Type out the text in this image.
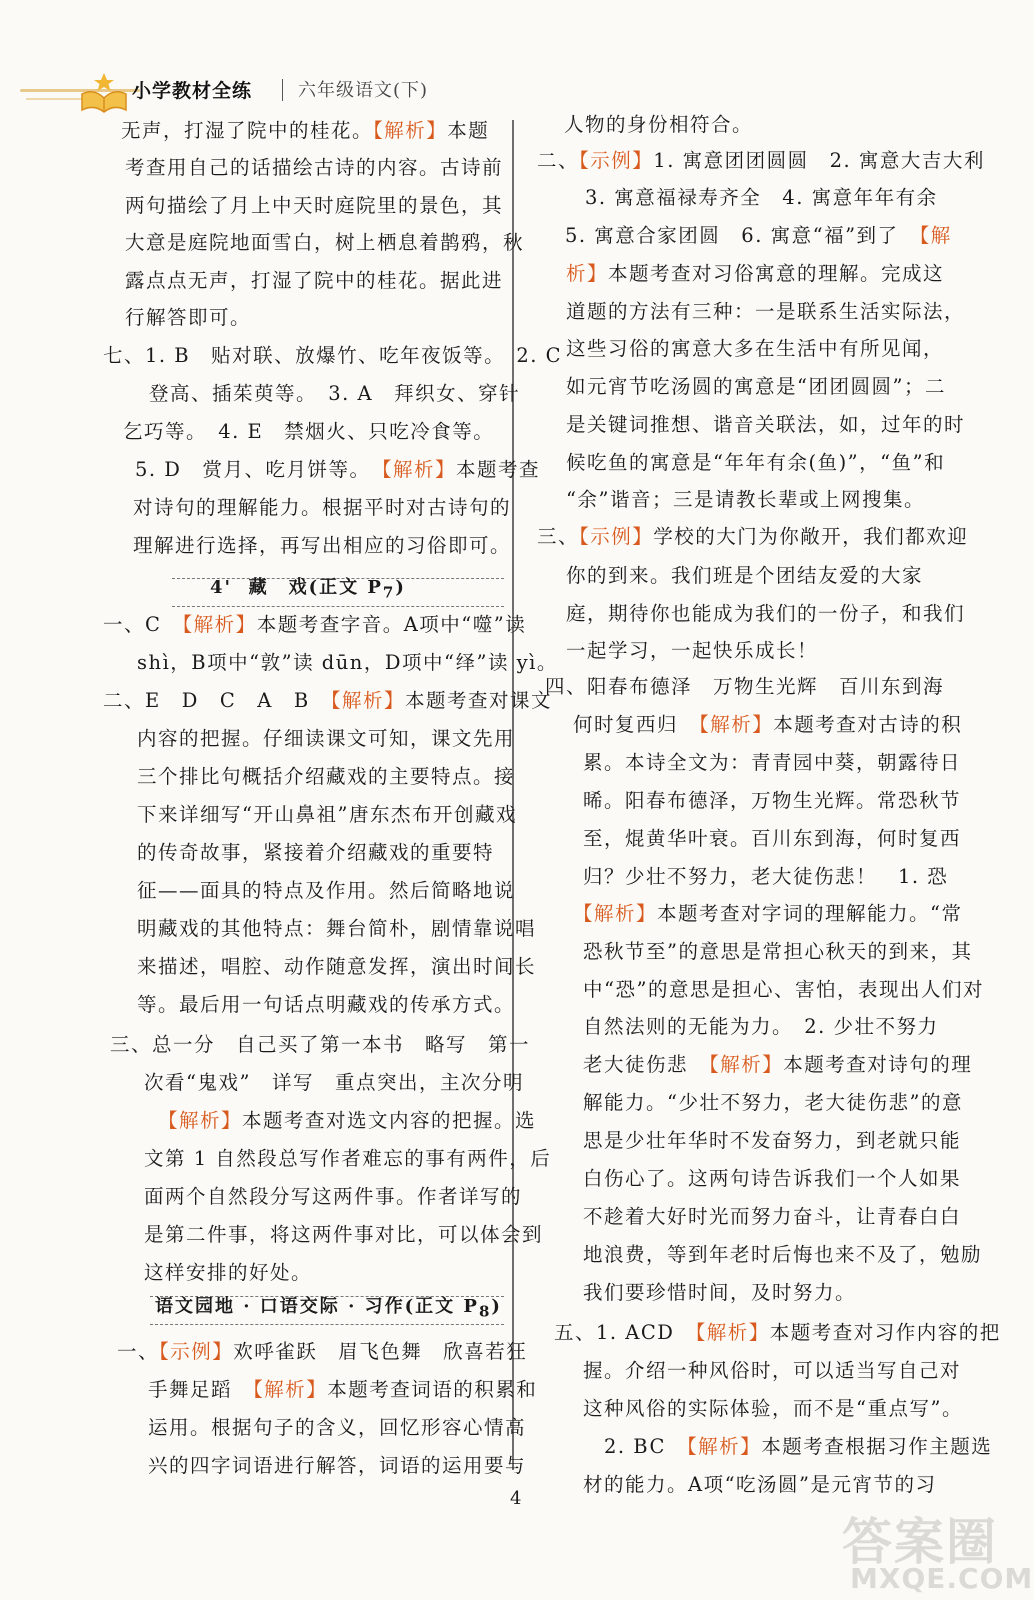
小学教材全练	六年级语文(下)
无声，打湿了院中的桂花。【解析】本题
考查用自己的话描绘古诗的内容。古诗前
两句描绘了月上中天时庭院里的景色，其
大意是庭院地面雪白，树上栖息着鹊鸦，秋
露点点无声，打湿了院中的桂花。据此进
行解答即可。
七、1. B　贴对联、放爆竹、吃年夜饭等。　2. C
登高、插茱萸等。　3. A　拜织女、穿针
乞巧等。　4. E　禁烟火、只吃冷食等。
5. D　赏月、吃月饼等。　【解析】本题考查
对诗句的理解能力。根据平时对古诗句的
理解进行选择，再写出相应的习俗即可。
一、C　【解析】本题考查字音。A项中“噬”读
shì，B项中“敦”读 dūn，D项中“绎”读 yì。
二、E　D　C　A　B　【解析】本题考查对课文
内容的把握。仔细读课文可知，课文先用
三个排比句概括介绍藏戏的主要特点。接
下来详细写“开山鼻祖”唐东杰布开创藏戏
的传奇故事，紧接着介绍藏戏的重要特
征——面具的特点及作用。然后简略地说
明藏戏的其他特点：舞台简朴，剧情靠说唱
来描述，唱腔、动作随意发挥，演出时间长
等。最后用一句话点明藏戏的传承方式。
三、总一分　自己买了第一本书　略写　第一
次看“鬼戏”　详写　重点突出，主次分明
【解析】本题考查对选文内容的把握。选
文第 1 自然段总写作者难忘的事有两件，后
面两个自然段分写这两件事。作者详写的
是第二件事，将这两件事对比，可以体会到
这样安排的好处。
一、【示例】欢呼雀跃　眉飞色舞　欣喜若狂
手舞足蹈　【解析】本题考查词语的积累和
运用。根据句子的含义，回忆形容心情高
兴的四字词语进行解答，词语的运用要与
人物的身份相符合。
二、【示例】1. 寓意团团圆圆　2. 寓意大吉大利
3. 寓意福禄寿齐全　4. 寓意年年有余
5. 寓意合家团圆　6. 寓意“福”到了　【解
析】本题考查对习俗寓意的理解。完成这
道题的方法有三种：一是联系生活实际法，
这些习俗的寓意大多在生活中有所见闻，
如元宵节吃汤圆的寓意是“团团圆圆”；二
是关键词推想、谐音关联法，如，过年的时
候吃鱼的寓意是“年年有余(鱼)”，“鱼”和
“余”谐音；三是请教长辈或上网搜集。
三、【示例】学校的大门为你敞开，我们都欢迎
你的到来。我们班是个团结友爱的大家
庭，期待你也能成为我们的一份子，和我们
一起学习，一起快乐成长！
四、阳春布德泽　万物生光辉　百川东到海
何时复西归　【解析】本题考查对古诗的积
累。本诗全文为：青青园中葵，朝露待日
晞。阳春布德泽，万物生光辉。常恐秋节
至，焜黄华叶衰。百川东到海，何时复西
归？少壮不努力，老大徒伤悲！　1. 恐
【解析】本题考查对字词的理解能力。“常
恐秋节至”的意思是常担心秋天的到来，其
中“恐”的意思是担心、害怕，表现出人们对
自然法则的无能为力。　2. 少壮不努力
老大徒伤悲　【解析】本题考查对诗句的理
解能力。“少壮不努力，老大徒伤悲”的意
思是少壮年华时不发奋努力，到老就只能
白伤心了。这两句诗告诉我们一个人如果
不趁着大好时光而努力奋斗，让青春白白
地浪费，等到年老时后悔也来不及了，勉励
我们要珍惜时间，及时努力。
五、1. ACD　【解析】本题考查对习作内容的把
握。介绍一种风俗时，可以适当写自己对
这种风俗的实际体验，而不是“重点写”。
2. BC　【解析】本题考查根据习作主题选
材的能力。A项“吃汤圆”是元宵节的习
4'  藏　戏(正文 $P_7$)
语文园地 · 口语交际 · 习作(正文 $P_8$)
4
答案圈
MXQE.COM
